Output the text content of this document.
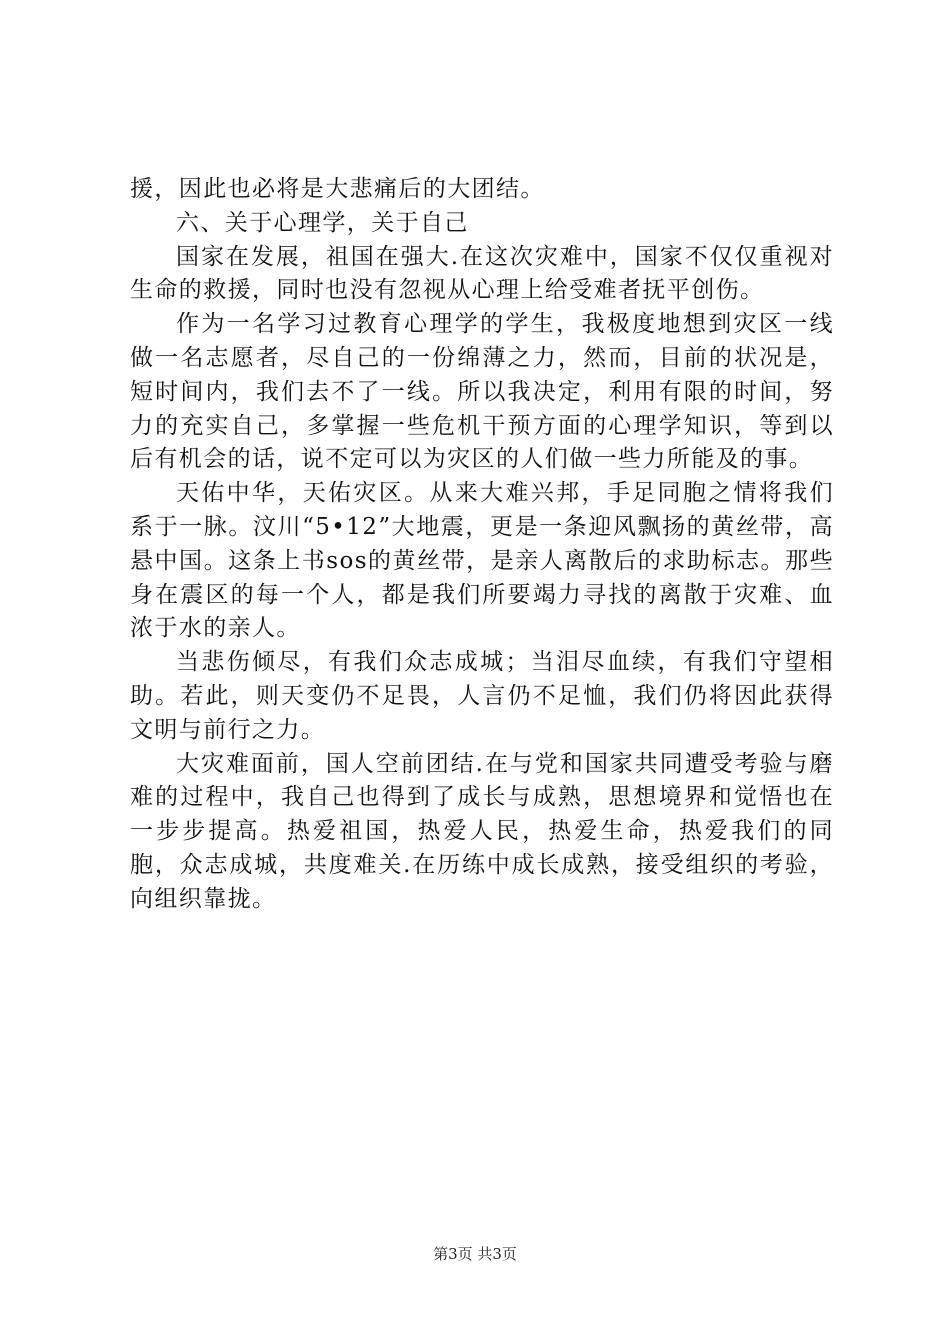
援，因此也必将是大悲痛后的大团结。

六、关于心理学，关于自己

国家在发展，祖国在强大.在这次灾难中，国家不仅仅重视对生命的救援，同时也没有忽视从心理上给受难者抚平创伤。

作为一名学习过教育心理学的学生，我极度地想到灾区一线做一名志愿者，尽自己的一份绵薄之力，然而，目前的状况是，短时间内，我们去不了一线。所以我决定，利用有限的时间，努力的充实自己，多掌握一些危机干预方面的心理学知识，等到以后有机会的话，说不定可以为灾区的人们做一些力所能及的事。

天佑中华，天佑灾区。从来大难兴邦，手足同胞之情将我们系于一脉。汶川“5•12”大地震，更是一条迎风飘扬的黄丝带，高悬中国。这条上书sos的黄丝带，是亲人离散后的求助标志。那些身在震区的每一个人，都是我们所要竭力寻找的离散于灾难、血浓于水的亲人。

当悲伤倾尽，有我们众志成城；当泪尽血续，有我们守望相助。若此，则天变仍不足畏，人言仍不足恤，我们仍将因此获得文明与前行之力。

大灾难面前，国人空前团结.在与党和国家共同遭受考验与磨难的过程中，我自己也得到了成长与成熟，思想境界和觉悟也在一步步提高。热爱祖国，热爱人民，热爱生命，热爱我们的同胞，众志成城，共度难关.在历练中成长成熟，接受组织的考验，向组织靠拢。

第3页 共3页
